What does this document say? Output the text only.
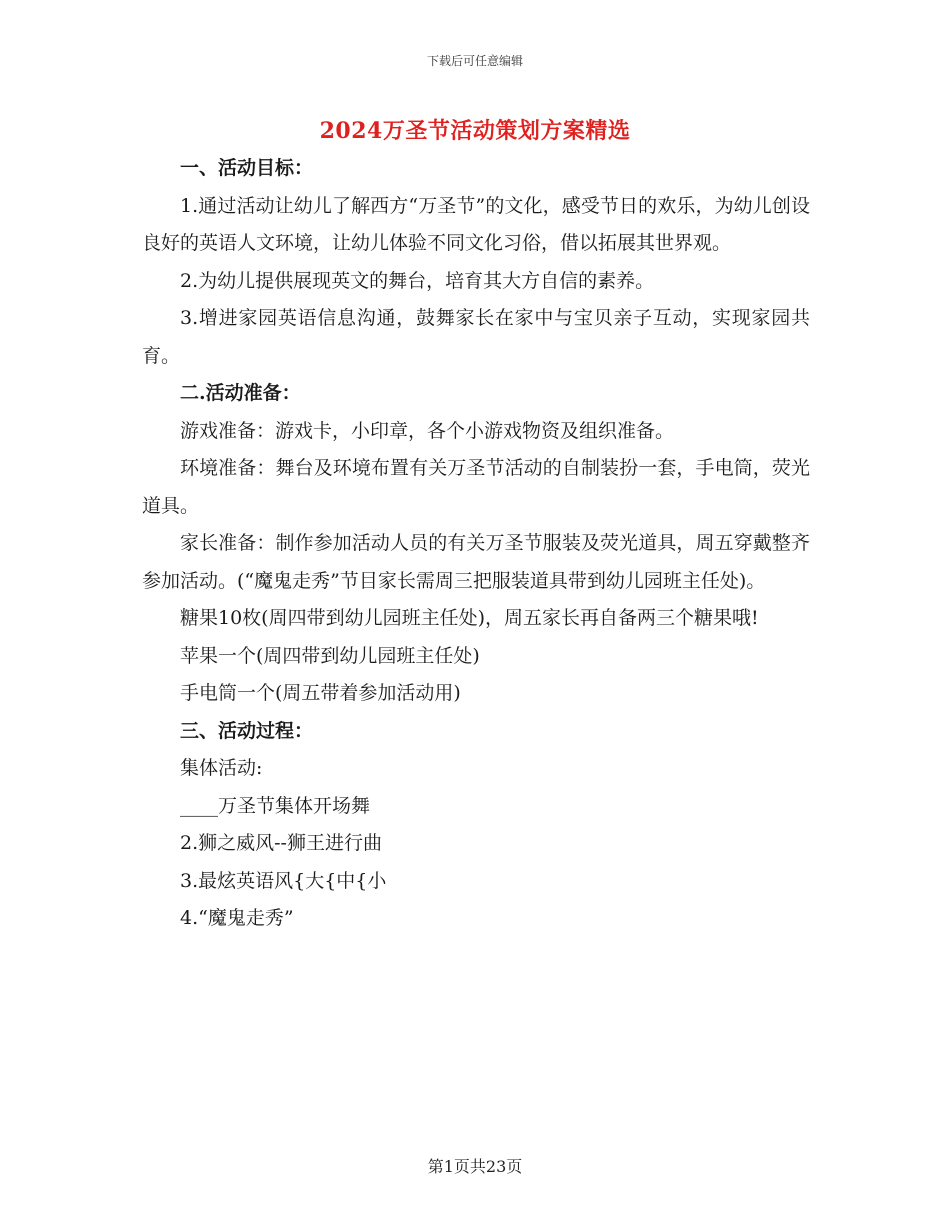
下载后可任意编辑
2024万圣节活动策划方案精选

一、活动目标：

1.通过活动让幼儿了解西方“万圣节”的文化，感受节日的欢乐，为幼儿创设良好的英语人文环境，让幼儿体验不同文化习俗，借以拓展其世界观。

2.为幼儿提供展现英文的舞台，培育其大方自信的素养。

3.增进家园英语信息沟通，鼓舞家长在家中与宝贝亲子互动，实现家园共育。

二.活动准备：

游戏准备：游戏卡，小印章，各个小游戏物资及组织准备。

环境准备：舞台及环境布置有关万圣节活动的自制装扮一套，手电筒，荧光道具。

家长准备：制作参加活动人员的有关万圣节服装及荧光道具，周五穿戴整齐参加活动。(“魔鬼走秀”节目家长需周三把服装道具带到幼儿园班主任处)。

糖果10枚(周四带到幼儿园班主任处)，周五家长再自备两三个糖果哦!

苹果一个(周四带到幼儿园班主任处)

手电筒一个(周五带着参加活动用)

三、活动过程：

集体活动:

____万圣节集体开场舞

2.狮之威风--狮王进行曲

3.最炫英语风{大{中{小

4.“魔鬼走秀”

第1页共23页
